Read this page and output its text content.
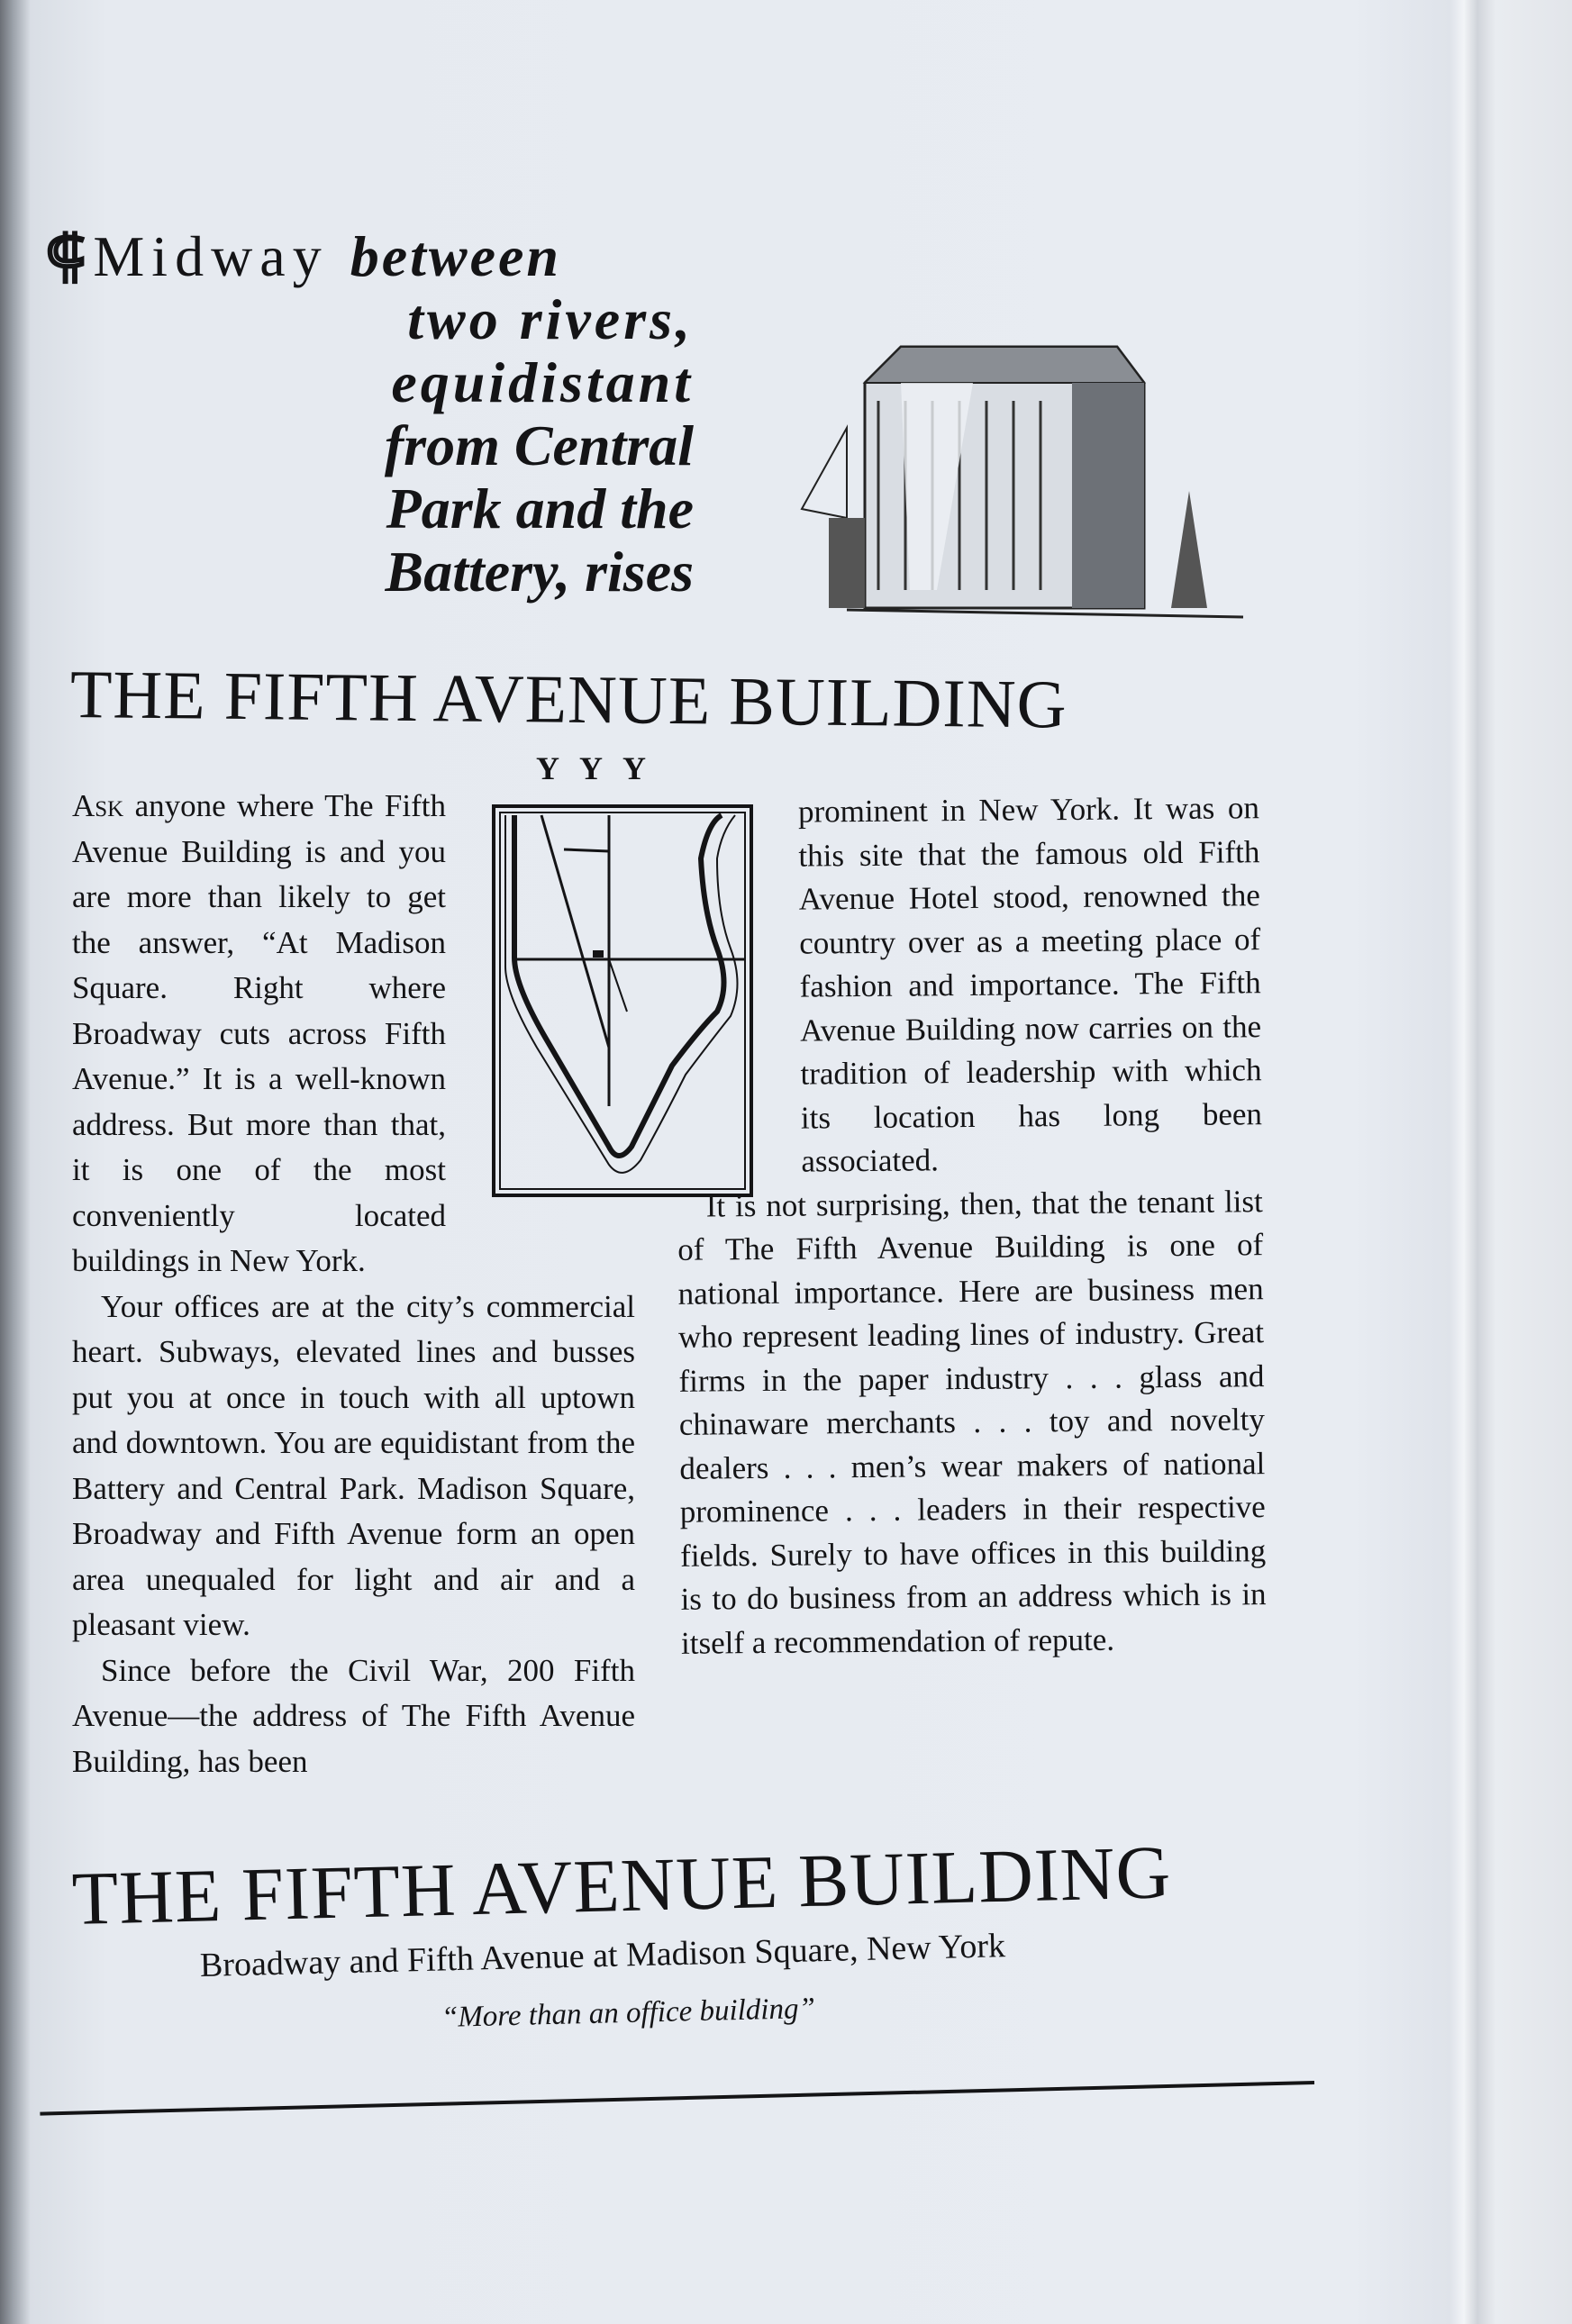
⸿Midway between
two rivers,
equidistant
from Central
Park and the
Battery, rises
THE FIFTH AVENUE BUILDING
YYY

Ask anyone where The Fifth Avenue Building is and you are more than likely to get the answer, “At Madison Square. Right where Broadway cuts across Fifth Avenue.” It is a well-known address. But more than that, it is one of the most conveniently located buildings in New York.

Your offices are at the city’s commercial heart. Subways, elevated lines and busses put you at once in touch with all uptown and downtown. You are equidistant from the Battery and Central Park. Madison Square, Broadway and Fifth Avenue form an open area unequaled for light and air and a pleasant view.

Since before the Civil War, 200 Fifth Avenue—the address of The Fifth Avenue Building, has been

prominent in New York. It was on this site that the famous old Fifth Avenue Hotel stood, renowned the country over as a meeting place of fashion and importance. The Fifth Avenue Building now carries on the tradition of leadership with which its location has long been associated.

It is not surprising, then, that the tenant list of The Fifth Avenue Building is one of national importance. Here are business men who represent leading lines of industry. Great firms in the paper industry . . . glass and chinaware merchants . . . toy and novelty dealers . . . men’s wear makers of national prominence . . . leaders in their respective fields. Surely to have offices in this building is to do business from an address which is in itself a recommendation of repute.

THE FIFTH AVENUE BUILDING
Broadway and Fifth Avenue at Madison Square, New York
“More than an office building”
